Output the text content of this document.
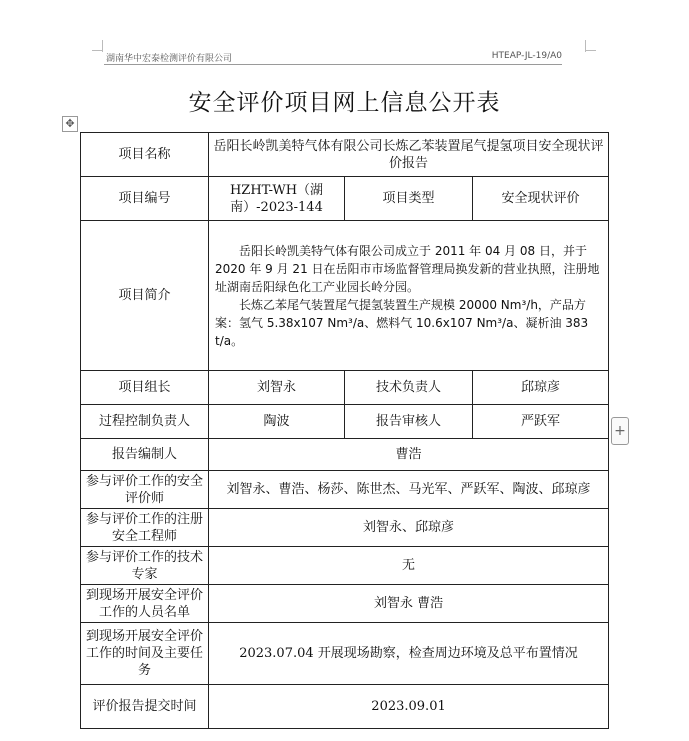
湖南华中宏泰检测评价有限公司	HTEAP-JL-19/A0
安全评价项目网上信息公开表
✥
+
项目名称	岳阳长岭凯美特气体有限公司长炼乙苯装置尾气提氢项目安全现状评价报告		
项目编号	HZHT-WH（湖南）-2023-144	项目类型	安全现状评价
项目简介	岳阳长岭凯美特气体有限公司成立于 2011 年 04 月 08 日，并于 2020 年 9 月 21 日在岳阳市市场监督管理局换发新的营业执照，注册地址湖南岳阳绿色化工产业园长岭分园。

长炼乙苯尾气装置尾气提氢装置生产规模 20000 Nm³/h，产品方案：氢气 5.38x107 Nm³/a、燃料气 10.6x107 Nm³/a、凝析油 383 t/a。		

项目组长	刘智永	技术负责人	邱琼彦
过程控制负责人	陶波	报告审核人	严跃军
报告编制人	曹浩		
参与评价工作的安全评价师	刘智永、曹浩、杨莎、陈世杰、马光军、严跃军、陶波、邱琼彦		
参与评价工作的注册安全工程师	刘智永、邱琼彦		
参与评价工作的技术专家	无		
到现场开展安全评价工作的人员名单	刘智永 曹浩		
到现场开展安全评价工作的时间及主要任务	2023.07.04 开展现场勘察，检查周边环境及总平布置情况		
评价报告提交时间	2023.09.01		
